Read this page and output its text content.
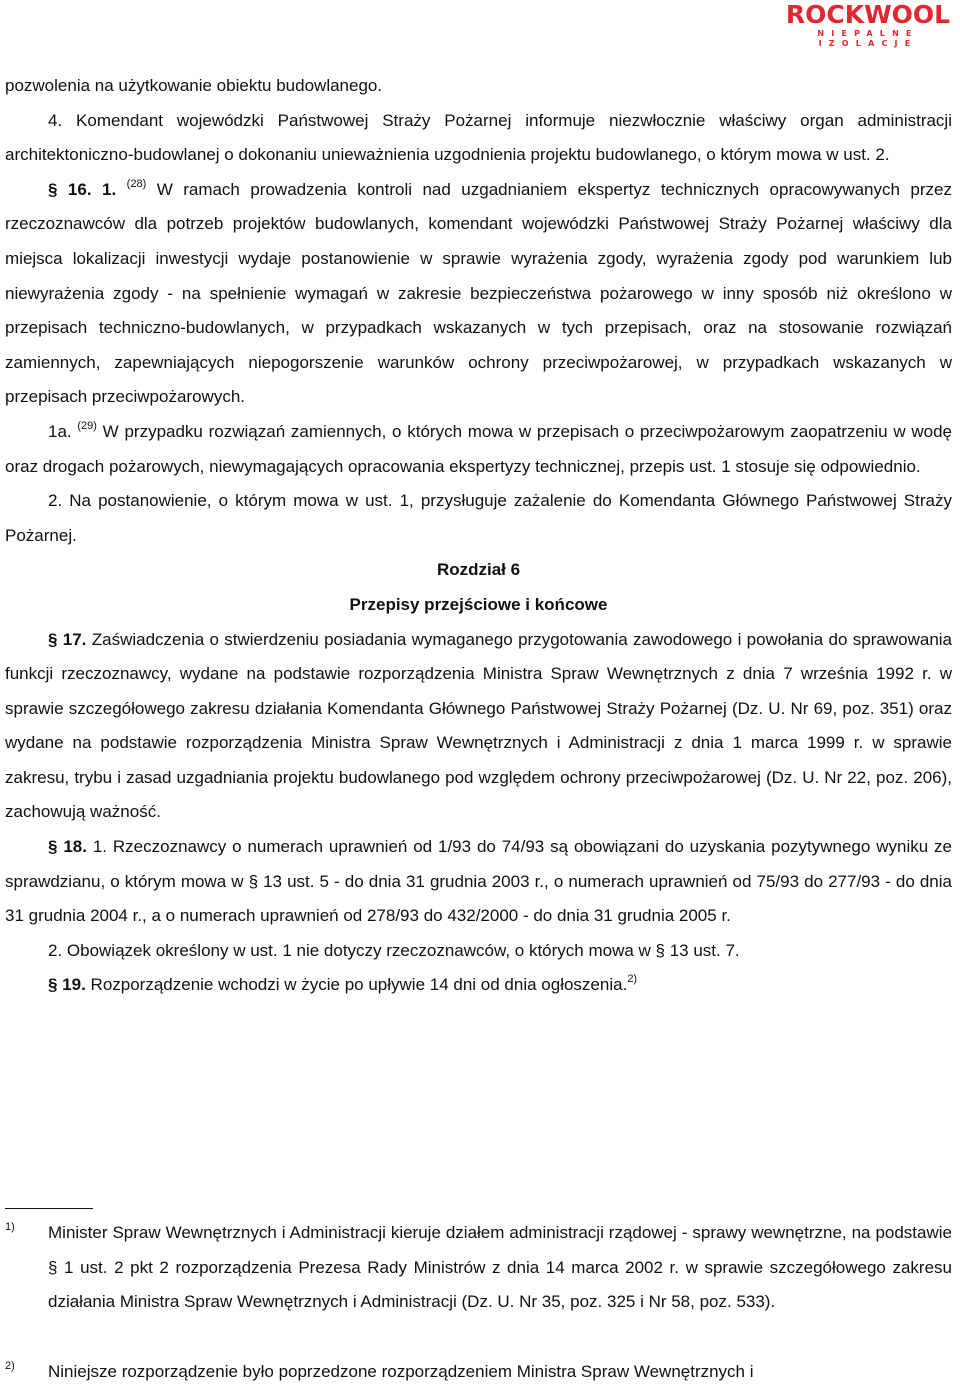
ROCKWOOL
NIEPALNE IZOLACJE

pozwolenia na użytkowanie obiektu budowlanego.

4. Komendant wojewódzki Państwowej Straży Pożarnej informuje niezwłocznie właściwy organ administracji architektoniczno-budowlanej o dokonaniu unieważnienia uzgodnienia projektu budowlanego, o którym mowa w ust. 2.

§ 16. 1. $^{(28)}$ W ramach prowadzenia kontroli nad uzgadnianiem ekspertyz technicznych opracowywanych przez rzeczoznawców dla potrzeb projektów budowlanych, komendant wojewódzki Państwowej Straży Pożarnej właściwy dla miejsca lokalizacji inwestycji wydaje postanowienie w sprawie wyrażenia zgody, wyrażenia zgody pod warunkiem lub niewyrażenia zgody - na spełnienie wymagań w zakresie bezpieczeństwa pożarowego w inny sposób niż określono w przepisach techniczno-budowlanych, w przypadkach wskazanych w tych przepisach, oraz na stosowanie rozwiązań zamiennych, zapewniających niepogorszenie warunków ochrony przeciwpożarowej, w przypadkach wskazanych w przepisach przeciwpożarowych.

1a. $^{(29)}$ W przypadku rozwiązań zamiennych, o których mowa w przepisach o przeciwpożarowym zaopatrzeniu w wodę oraz drogach pożarowych, niewymagających opracowania ekspertyzy technicznej, przepis ust. 1 stosuje się odpowiednio.

2. Na postanowienie, o którym mowa w ust. 1, przysługuje zażalenie do Komendanta Głównego Państwowej Straży Pożarnej.

Rozdział 6

Przepisy przejściowe i końcowe

§ 17. Zaświadczenia o stwierdzeniu posiadania wymaganego przygotowania zawodowego i powołania do sprawowania funkcji rzeczoznawcy, wydane na podstawie rozporządzenia Ministra Spraw Wewnętrznych z dnia 7 września 1992 r. w sprawie szczegółowego zakresu działania Komendanta Głównego Państwowej Straży Pożarnej (Dz. U. Nr 69, poz. 351) oraz wydane na podstawie rozporządzenia Ministra Spraw Wewnętrznych i Administracji z dnia 1 marca 1999 r. w sprawie zakresu, trybu i zasad uzgadniania projektu budowlanego pod względem ochrony przeciwpożarowej (Dz. U. Nr 22, poz. 206), zachowują ważność.

§ 18. 1. Rzeczoznawcy o numerach uprawnień od 1/93 do 74/93 są obowiązani do uzyskania pozytywnego wyniku ze sprawdzianu, o którym mowa w § 13 ust. 5 - do dnia 31 grudnia 2003 r., o numerach uprawnień od 75/93 do 277/93 - do dnia 31 grudnia 2004 r., a o numerach uprawnień od 278/93 do 432/2000 - do dnia 31 grudnia 2005 r.

2. Obowiązek określony w ust. 1 nie dotyczy rzeczoznawców, o których mowa w § 13 ust. 7.

§ 19. Rozporządzenie wchodzi w życie po upływie 14 dni od dnia ogłoszenia.$^{2)}$

1) Minister Spraw Wewnętrznych i Administracji kieruje działem administracji rządowej - sprawy wewnętrzne, na podstawie § 1 ust. 2 pkt 2 rozporządzenia Prezesa Rady Ministrów z dnia 14 marca 2002 r. w sprawie szczegółowego zakresu działania Ministra Spraw Wewnętrznych i Administracji (Dz. U. Nr 35, poz. 325 i Nr 58, poz. 533).
2) Niniejsze rozporządzenie było poprzedzone rozporządzeniem Ministra Spraw Wewnętrznych i
